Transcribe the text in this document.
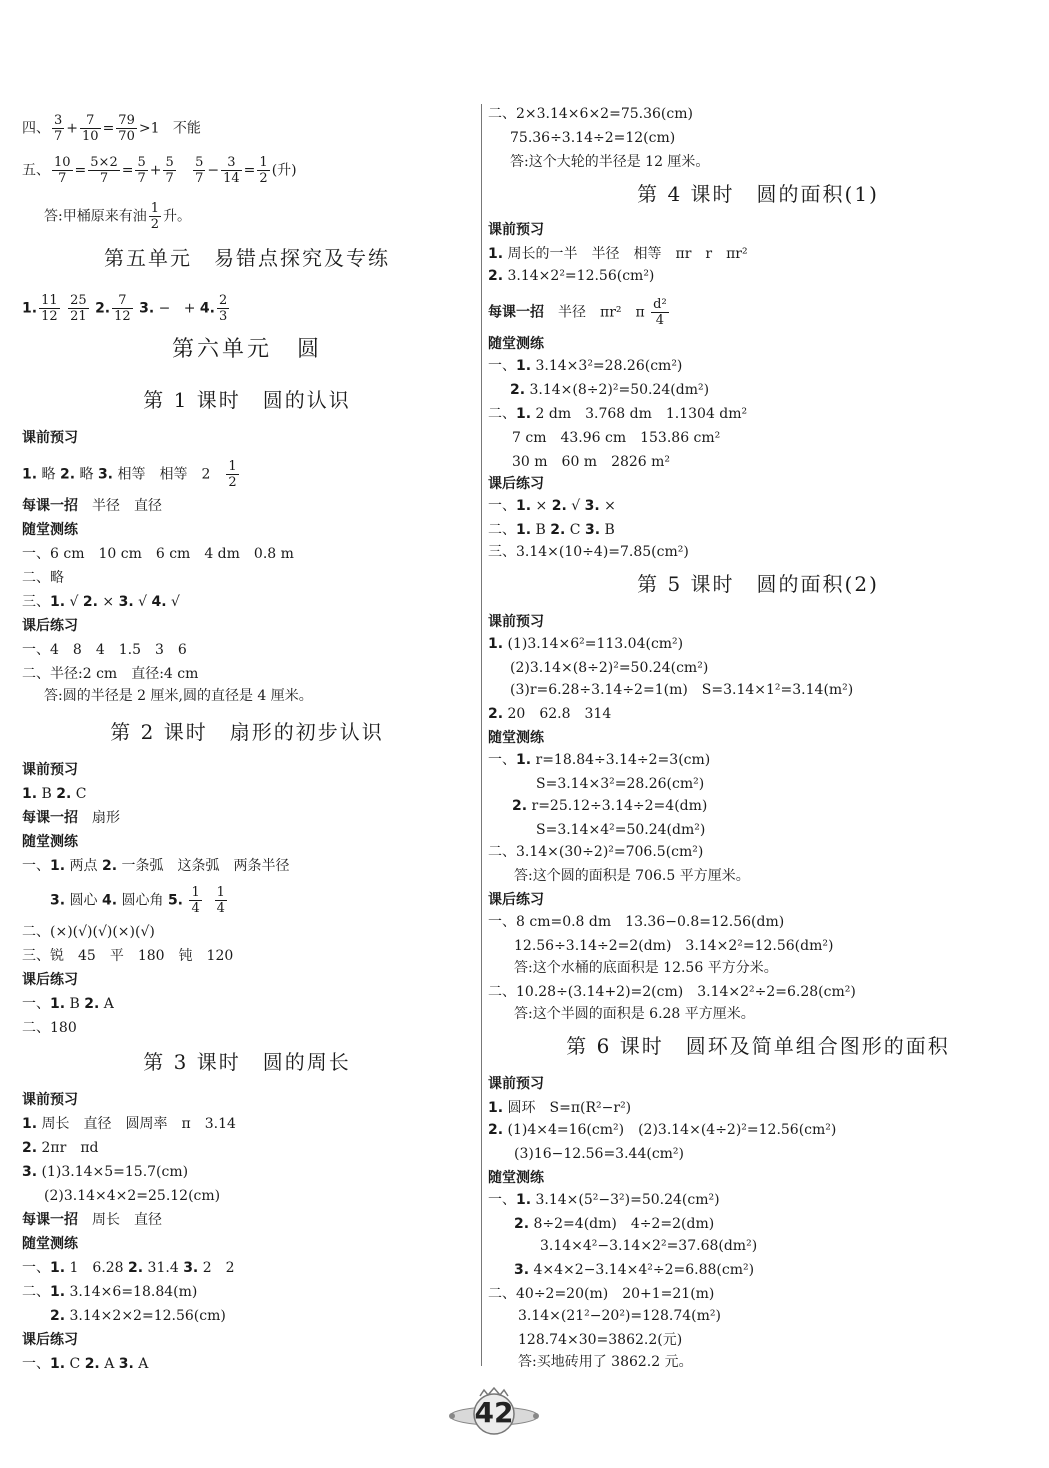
四、 $\frac{3}{7} + \frac{7}{10} = \frac{79}{70} >1$   不能
五、 $\frac{10}{7} = \frac{5\times 2}{7} = \frac{5}{7} + \frac{5}{7}$
$\frac{5}{7} - \frac{3}{14} = \frac{1}{2}$ (升)
答:甲桶原来有油 $\frac{1}{2}$ 升。
第五单元　易错点探究及专练
1. $\frac{11}{12}$
$\frac{25}{21} 2$. $\frac{7}{12} 3$. −   + 4. $\frac{2}{3}$
第六单元　圆
第 1 课时　圆的认识
课前预习
1. 略 2. 略 3. 相等　相等　2　 $\frac{1}{2}$
每课一招　半径　直径
随堂测练
一、6 cm　10 cm　6 cm　4 dm　0.8 m
二、略
三、1. √ 2. × 3. √ 4. √
课后练习
一、4　8　4　1.5　3　6
二、半径:2 cm　直径:4 cm
答:圆的半径是 2 厘米,圆的直径是 4 厘米。
第 2 课时　扇形的初步认识
课前预习
1. B 2. C
每课一招　扇形
随堂测练
一、1. 两点 2. 一条弧　这条弧　两条半径
3. 圆心 4. 圆心角 5. $\frac{1}{4}$
$\frac{1}{4}$
二、(×)(√)(√)(×)(√)
三、锐　45　平　180　钝　120
课后练习
一、1. B 2. A
二、180
第 3 课时　圆的周长
课前预习
1. 周长　直径　圆周率　π　3.14
2. 2πr　πd
3. (1)3.14×5=15.7(cm)
(2)3.14×4×2=25.12(cm)
每课一招　周长　直径
随堂测练
一、1. 1　6.28 2. 31.4 3. 2　2
二、1. 3.14×6=18.84(m)
2. 3.14×2×2=12.56(cm)
课后练习
一、1. C 2. A 3. A
二、2×3.14×6×2=75.36(cm)
75.36÷3.14÷2=12(cm)
答:这个大轮的半径是 12 厘米。
第 4 课时　圆的面积(1)
课前预习
1. 周长的一半　半径　相等　πr　r　πr²
2. 3.14×2²=12.56(cm²)
每课一招　半径　πr²　π $\frac{\text{d²}}{4}$
随堂测练
一、1. 3.14×3²=28.26(cm²)
2. 3.14×(8÷2)²=50.24(dm²)
二、1. 2 dm　3.768 dm　1.1304 dm²
7 cm　43.96 cm　153.86 cm²
30 m　60 m　2826 m²
课后练习
一、1. × 2. √ 3. ×
二、1. B 2. C 3. B
三、3.14×(10÷4)=7.85(cm²)
第 5 课时　圆的面积(2)
课前预习
1. (1)3.14×6²=113.04(cm²)
(2)3.14×(8÷2)²=50.24(cm²)
(3)r=6.28÷3.14÷2=1(m)　S=3.14×1²=3.14(m²)
2. 20　62.8　314
随堂测练
一、1. r=18.84÷3.14÷2=3(cm)
S=3.14×3²=28.26(cm²)
2. r=25.12÷3.14÷2=4(dm)
S=3.14×4²=50.24(dm²)
二、3.14×(30÷2)²=706.5(cm²)
答:这个圆的面积是 706.5 平方厘米。
课后练习
一、8 cm=0.8 dm　13.36−0.8=12.56(dm)
12.56÷3.14÷2=2(dm)　3.14×2²=12.56(dm²)
答:这个水桶的底面积是 12.56 平方分米。
二、10.28÷(3.14+2)=2(cm)　3.14×2²÷2=6.28(cm²)
答:这个半圆的面积是 6.28 平方厘米。
第 6 课时　圆环及简单组合图形的面积
课前预习
1. 圆环　S=π(R²−r²)
2. (1)4×4=16(cm²)　(2)3.14×(4÷2)²=12.56(cm²)
(3)16−12.56=3.44(cm²)
随堂测练
一、1. 3.14×(5²−3²)=50.24(cm²)
2. 8÷2=4(dm)　4÷2=2(dm)
3.14×4²−3.14×2²=37.68(dm²)
3. 4×4×2−3.14×4²÷2=6.88(cm²)
二、40÷2=20(m)　20+1=21(m)
3.14×(21²−20²)=128.74(m²)
128.74×30=3862.2(元)
答:买地砖用了 3862.2 元。
42
